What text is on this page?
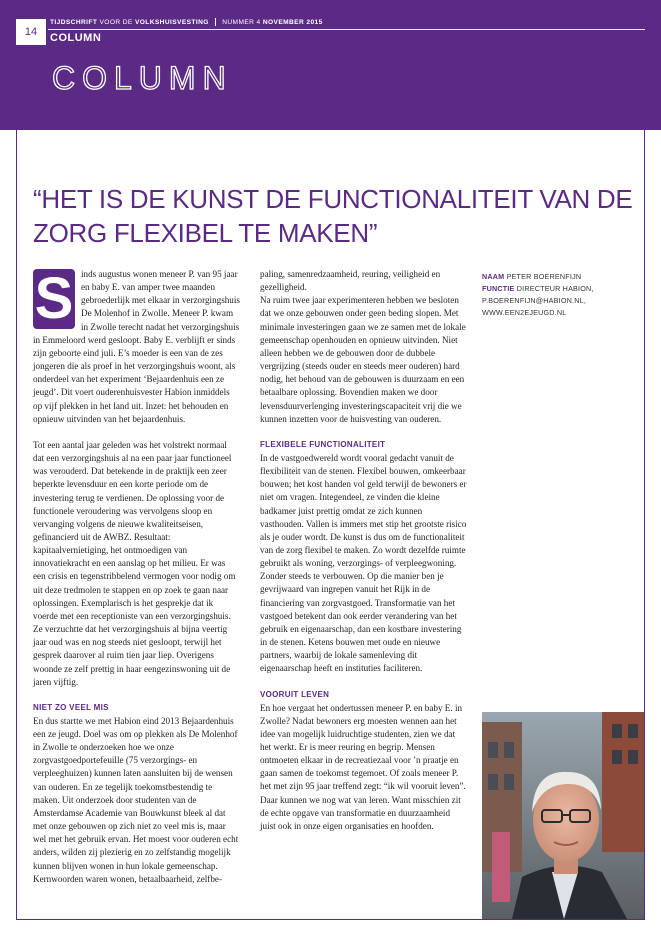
14
TIJDSCHRIFT VOOR DE VOLKSHUISVESTING NUMMER 4 NOVEMBER 2015
COLUMN
COLUMN
“HET IS DE KUNST DE FUNCTIONALITEIT VAN DE ZORG FLEXIBEL TE MAKEN”

S inds augustus wonen meneer P. van 95 jaar en baby E. van amper twee maanden gebroederlijk met elkaar in verzorgingshuis De Molenhof in Zwolle. Meneer P. kwam in Zwolle terecht nadat het verzorgingshuis in Emmeloord werd gesloopt. Baby E. verblijft er sinds zijn geboorte eind juli. E’s moeder is een van de zes jongeren die als proef in het verzorgingshuis woont, als onderdeel van het experiment ‘Bejaardenhuis een ze jeugd’. Dit voert ouderenhuisvester Habion inmiddels op vijf plekken in het land uit. Inzet: het behouden en opnieuw uitvinden van het bejaardenhuis.

Tot een aantal jaar geleden was het volstrekt normaal dat een verzorgingshuis al na een paar jaar functioneel was verouderd. Dat betekende in de praktijk een zeer beperkte levensduur en een korte periode om de investering terug te verdienen. De oplossing voor de functionele veroudering was vervolgens sloop en vervanging volgens de nieuwe kwaliteitseisen, gefinancierd uit de AWBZ. Resultaat: kapitaalvernietiging, het ontmoedigen van innovatiekracht en een aanslag op het milieu. Er was een crisis en tegenstribbelend vermogen voor nodig om uit deze tredmolen te stappen en op zoek te gaan naar oplossingen. Exemplarisch is het gesprekje dat ik voerde met een receptioniste van een verzorgingshuis. Ze verzuchtte dat het verzorgingshuis al bijna veertig jaar oud was en nog steeds niet gesloopt, terwijl het gesprek daarover al ruim tien jaar liep. Overigens woonde ze zelf prettig in haar eengezinswoning uit de jaren vijftig.

NIET ZO VEEL MIS

En dus startte we met Habion eind 2013 Bejaardenhuis een ze jeugd. Doel was om op plekken als De Molenhof in Zwolle te onderzoeken hoe we onze zorgvastgoedportefeuille (75 verzorgings- en verpleeghuizen) kunnen laten aansluiten bij de wensen van ouderen. En ze tegelijk toekomstbestendig te maken. Uit onderzoek door studenten van de Amsterdamse Academie van Bouwkunst bleek al dat met onze gebouwen op zich niet zo veel mis is, maar wel met het gebruik ervan. Het moest voor ouderen echt anders, wilden zij plezierig en zo zelfstandig mogelijk kunnen blijven wonen in hun lokale gemeenschap. Kernwoorden waren wonen, betaalbaarheid, zelfbe-

paling, samenredzaamheid, reuring, veiligheid en gezelligheid.

Na ruim twee jaar experimenteren hebben we besloten dat we onze gebouwen onder geen beding slopen. Met minimale investeringen gaan we ze samen met de lokale gemeenschap openhouden en opnieuw uitvinden. Niet alleen hebben we de gebouwen door de dubbele vergrijzing (steeds ouder en steeds meer ouderen) hard nodig, het behoud van de gebouwen is duurzaam en een betaalbare oplossing. Bovendien maken we door levensduurverlenging investeringscapaciteit vrij die we kunnen inzetten voor de huisvesting van ouderen.

FLEXIBELE FUNCTIONALITEIT

In de vastgoedwereld wordt vooral gedacht vanuit de flexibiliteit van de stenen. Flexibel bouwen, omkeerbaar bouwen; het kost handen vol geld terwijl de bewoners er niet om vragen. Integendeel, ze vinden die kleine badkamer juist prettig omdat ze zich kunnen vasthouden. Vallen is immers met stip het grootste risico als je ouder wordt. De kunst is dus om de functionaliteit van de zorg flexibel te maken. Zo wordt dezelfde ruimte gebruikt als woning, verzorgings- of verpleegwoning. Zonder steeds te verbouwen. Op die manier ben je gevrijwaard van ingrepen vanuit het Rijk in de financiering van zorgvastgoed. Transformatie van het vastgoed betekent dan ook eerder verandering van het gebruik en eigenaarschap, dan een kostbare investering in de stenen. Ketens bouwen met oude en nieuwe partners, waarbij de lokale samenleving dit eigenaarschap heeft en instituties faciliteren.

VOORUIT LEVEN

En hoe vergaat het ondertussen meneer P. en baby E. in Zwolle? Nadat bewoners erg moesten wennen aan het idee van mogelijk luidruchtige studenten, zien we dat het werkt. Er is meer reuring en begrip. Mensen ontmoeten elkaar in de recreatiezaal voor ’n praatje en gaan samen de toekomst tegemoet. Of zoals meneer P. het met zijn 95 jaar treffend zegt: “ik wil vooruit leven”. Daar kunnen we nog wat van leren. Want misschien zit de echte opgave van transformatie en duurzaamheid juist ook in onze eigen organisaties en hoofden.

NAAM PETER BOERENFIJN
FUNCTIE DIRECTEUR HABION,
P.BOERENFIJN@HABION.NL,
WWW.EEN2EJEUGD.NL
